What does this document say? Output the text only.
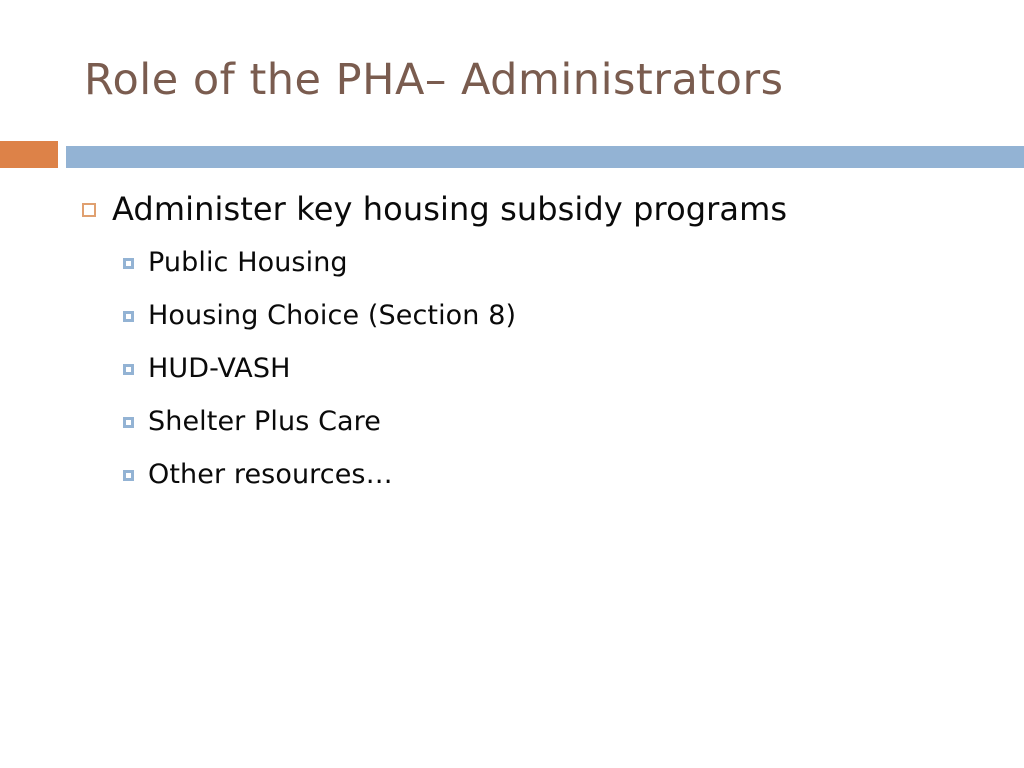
Role of the PHA– Administrators
Administer key housing subsidy programs
Public Housing
Housing Choice (Section 8)
HUD-VASH
Shelter Plus Care
Other resources…
